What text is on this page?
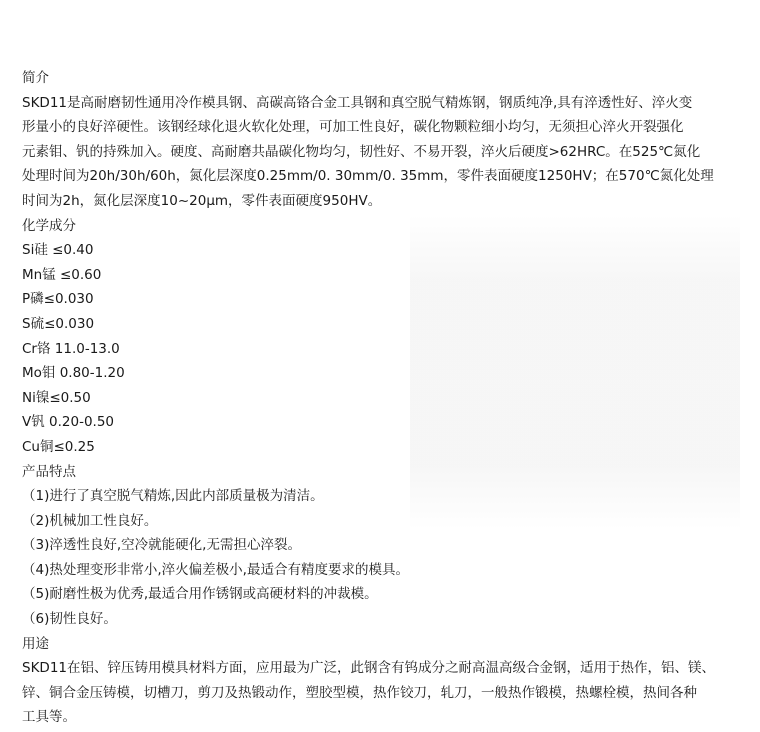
简介
SKD11是高耐磨韧性通用冷作模具钢、高碳高铬合金工具钢和真空脱气精炼钢，钢质纯净,具有淬透性好、淬火变
形量小的良好淬硬性。该钢经球化退火软化处理，可加工性良好，碳化物颗粒细小均匀，无须担心淬火开裂强化
元素钼、钒的持殊加入。硬度、高耐磨共晶碳化物均匀，韧性好、不易开裂，淬火后硬度>62HRC。在525℃氮化
处理时间为20h/30h/60h，氮化层深度0.25mm/0. 30mm/0. 35mm，零件表面硬度1250HV；在570℃氮化处理
时间为2h，氮化层深度10~20μm，零件表面硬度950HV。
化学成分
Si硅 ≤0.40
Mn锰 ≤0.60
P磷≤0.030
S硫≤0.030
Cr铬 11.0-13.0
Mo钼 0.80-1.20
Ni镍≤0.50
V钒 0.20-0.50
Cu铜≤0.25
产品特点
（1)进行了真空脱气精炼,因此内部质量极为清洁。
（2)机械加工性良好。
（3)淬透性良好,空冷就能硬化,无需担心淬裂。
（4)热处理变形非常小,淬火偏差极小,最适合有精度要求的模具。
（5)耐磨性极为优秀,最适合用作锈钢或高硬材料的冲裁模。
（6)韧性良好。
用途
SKD11在铝、锌压铸用模具材料方面，应用最为广泛，此钢含有钨成分之耐高温高级合金钢，适用于热作，铝、镁、
锌、铜合金压铸模，切槽刀，剪刀及热锻动作，塑胶型模，热作铰刀，轧刀，一般热作锻模，热螺栓模，热间各种
工具等。
